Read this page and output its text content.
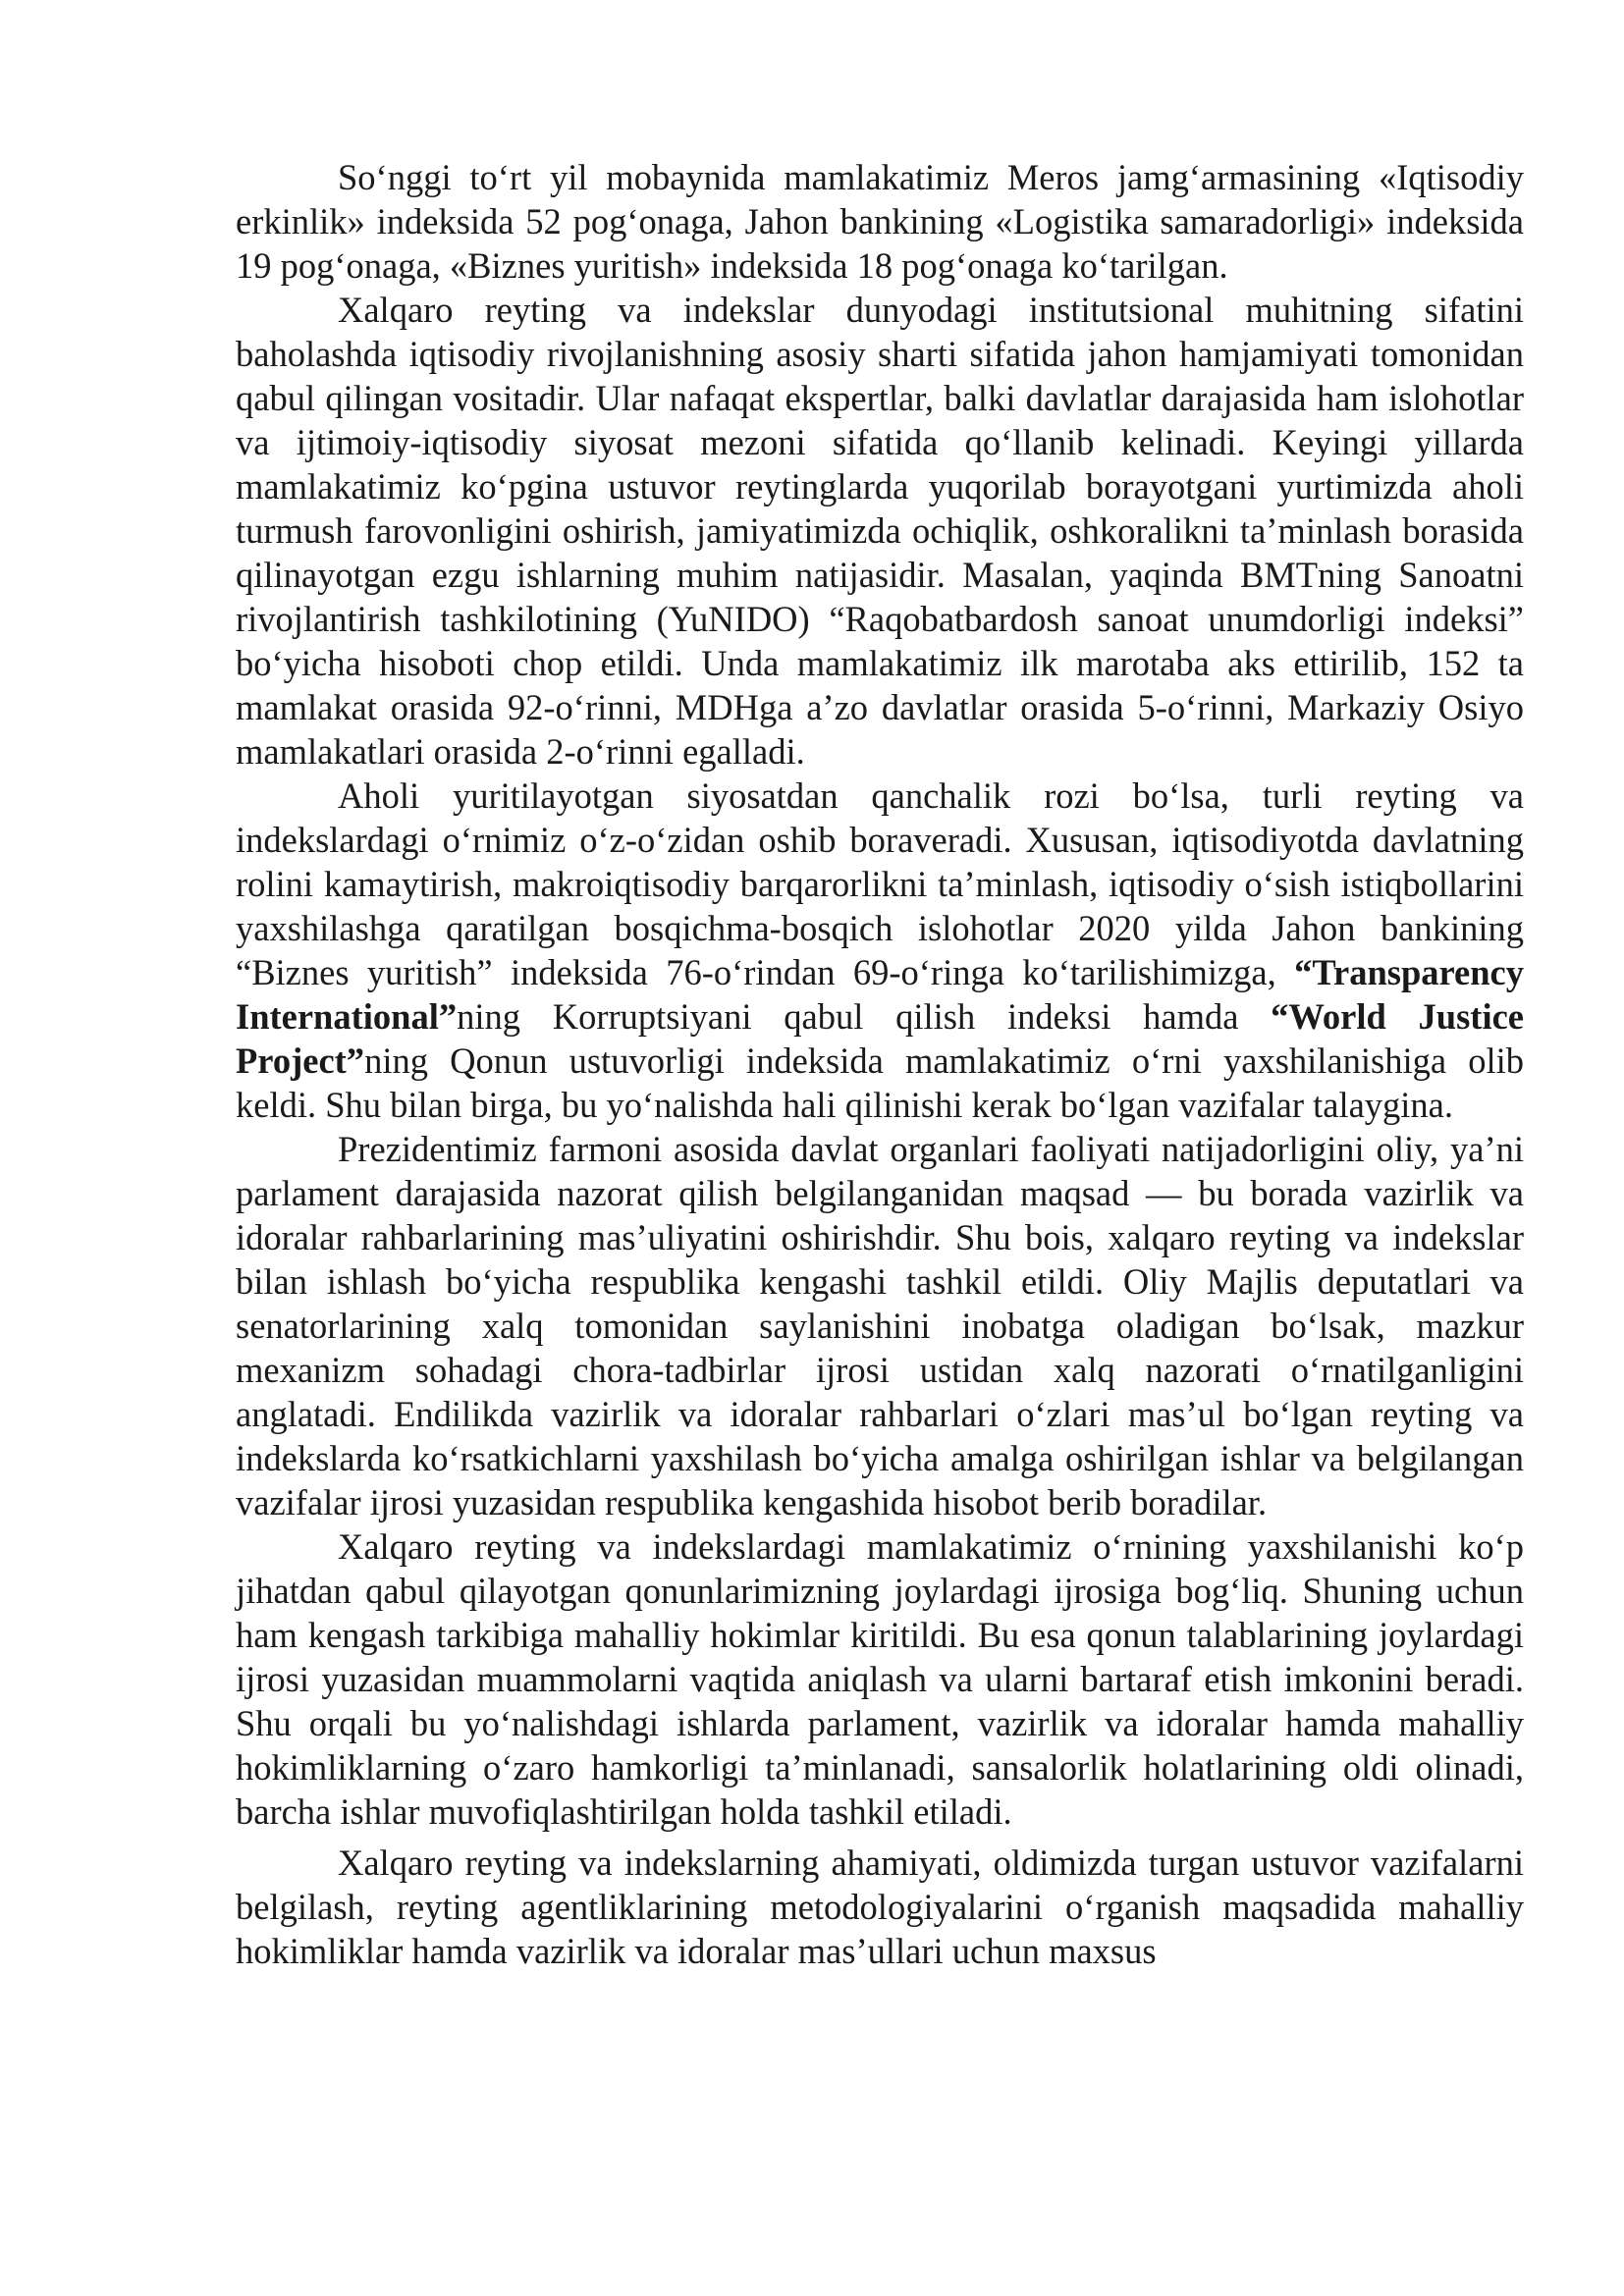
So‘nggi to‘rt yil mobaynida mamlakatimiz Meros jamg‘armasining «Iqtisodiy erkinlik» indeksida 52 pog‘onaga, Jahon bankining «Logistika samaradorligi» indeksida 19 pog‘onaga, «Biznes yuritish» indeksida 18 pog‘onaga ko‘tarilgan.

Xalqaro reyting va indekslar dunyodagi institutsional muhitning sifatini baholashda iqtisodiy rivojlanishning asosiy sharti sifatida jahon hamjamiyati tomonidan qabul qilingan vositadir. Ular nafaqat ekspertlar, balki davlatlar darajasida ham islohotlar va ijtimoiy-iqtisodiy siyosat mezoni sifatida qo‘llanib kelinadi. Keyingi yillarda mamlakatimiz ko‘pgina ustuvor reytinglarda yuqorilab borayotgani yurtimizda aholi turmush farovonligini oshirish, jamiyatimizda ochiqlik, oshkoralikni ta’minlash borasida qilinayotgan ezgu ishlarning muhim natijasidir. Masalan, yaqinda BMTning Sanoatni rivojlantirish tashkilotining (YuNIDO) “Raqobatbardosh sanoat unumdorligi indeksi” bo‘yicha hisoboti chop etildi. Unda mamlakatimiz ilk marotaba aks ettirilib, 152 ta mamlakat orasida 92-o‘rinni, MDHga a’zo davlatlar orasida 5-o‘rinni, Markaziy Osiyo mamlakatlari orasida 2-o‘rinni egalladi.

Aholi yuritilayotgan siyosatdan qanchalik rozi bo‘lsa, turli reyting va indekslardagi o‘rnimiz o‘z-o‘zidan oshib boraveradi. Xususan, iqtisodiyotda davlatning rolini kamaytirish, makroiqtisodiy barqarorlikni ta’minlash, iqtisodiy o‘sish istiqbollarini yaxshilashga qaratilgan bosqichma-bosqich islohotlar 2020 yilda Jahon bankining “Biznes yuritish” indeksida 76-o‘rindan 69-o‘ringa ko‘tarilishimizga, “Transparency International”ning Korruptsiyani qabul qilish indeksi hamda “World Justice Project”ning Qonun ustuvorligi indeksida mamlakatimiz o‘rni yaxshilanishiga olib keldi. Shu bilan birga, bu yo‘nalishda hali qilinishi kerak bo‘lgan vazifalar talaygina.

Prezidentimiz farmoni asosida davlat organlari faoliyati natijadorligini oliy, ya’ni parlament darajasida nazorat qilish belgilanganidan maqsad — bu borada vazirlik va idoralar rahbarlarining mas’uliyatini oshirishdir. Shu bois, xalqaro reyting va indekslar bilan ishlash bo‘yicha respublika kengashi tashkil etildi. Oliy Majlis deputatlari va senatorlarining xalq tomonidan saylanishini inobatga oladigan bo‘lsak, mazkur mexanizm sohadagi chora-tadbirlar ijrosi ustidan xalq nazorati o‘rnatilganligini anglatadi. Endilikda vazirlik va idoralar rahbarlari o‘zlari mas’ul bo‘lgan reyting va indekslarda ko‘rsatkichlarni yaxshilash bo‘yicha amalga oshirilgan ishlar va belgilangan vazifalar ijrosi yuzasidan respublika kengashida hisobot berib boradilar.

Xalqaro reyting va indekslardagi mamlakatimiz o‘rnining yaxshilanishi ko‘p jihatdan qabul qilayotgan qonunlarimizning joylardagi ijrosiga bog‘liq. Shuning uchun ham kengash tarkibiga mahalliy hokimlar kiritildi. Bu esa qonun talablarining joylardagi ijrosi yuzasidan muammolarni vaqtida aniqlash va ularni bartaraf etish imkonini beradi. Shu orqali bu yo‘nalishdagi ishlarda parlament, vazirlik va idoralar hamda mahalliy hokimliklarning o‘zaro hamkorligi ta’minlanadi, sansalorlik holatlarining oldi olinadi, barcha ishlar muvofiqlashtirilgan holda tashkil etiladi.

Xalqaro reyting va indekslarning ahamiyati, oldimizda turgan ustuvor vazifalarni belgilash, reyting agentliklarining metodologiyalarini o‘rganish maqsadida mahalliy hokimliklar hamda vazirlik va idoralar mas’ullari uchun maxsus
